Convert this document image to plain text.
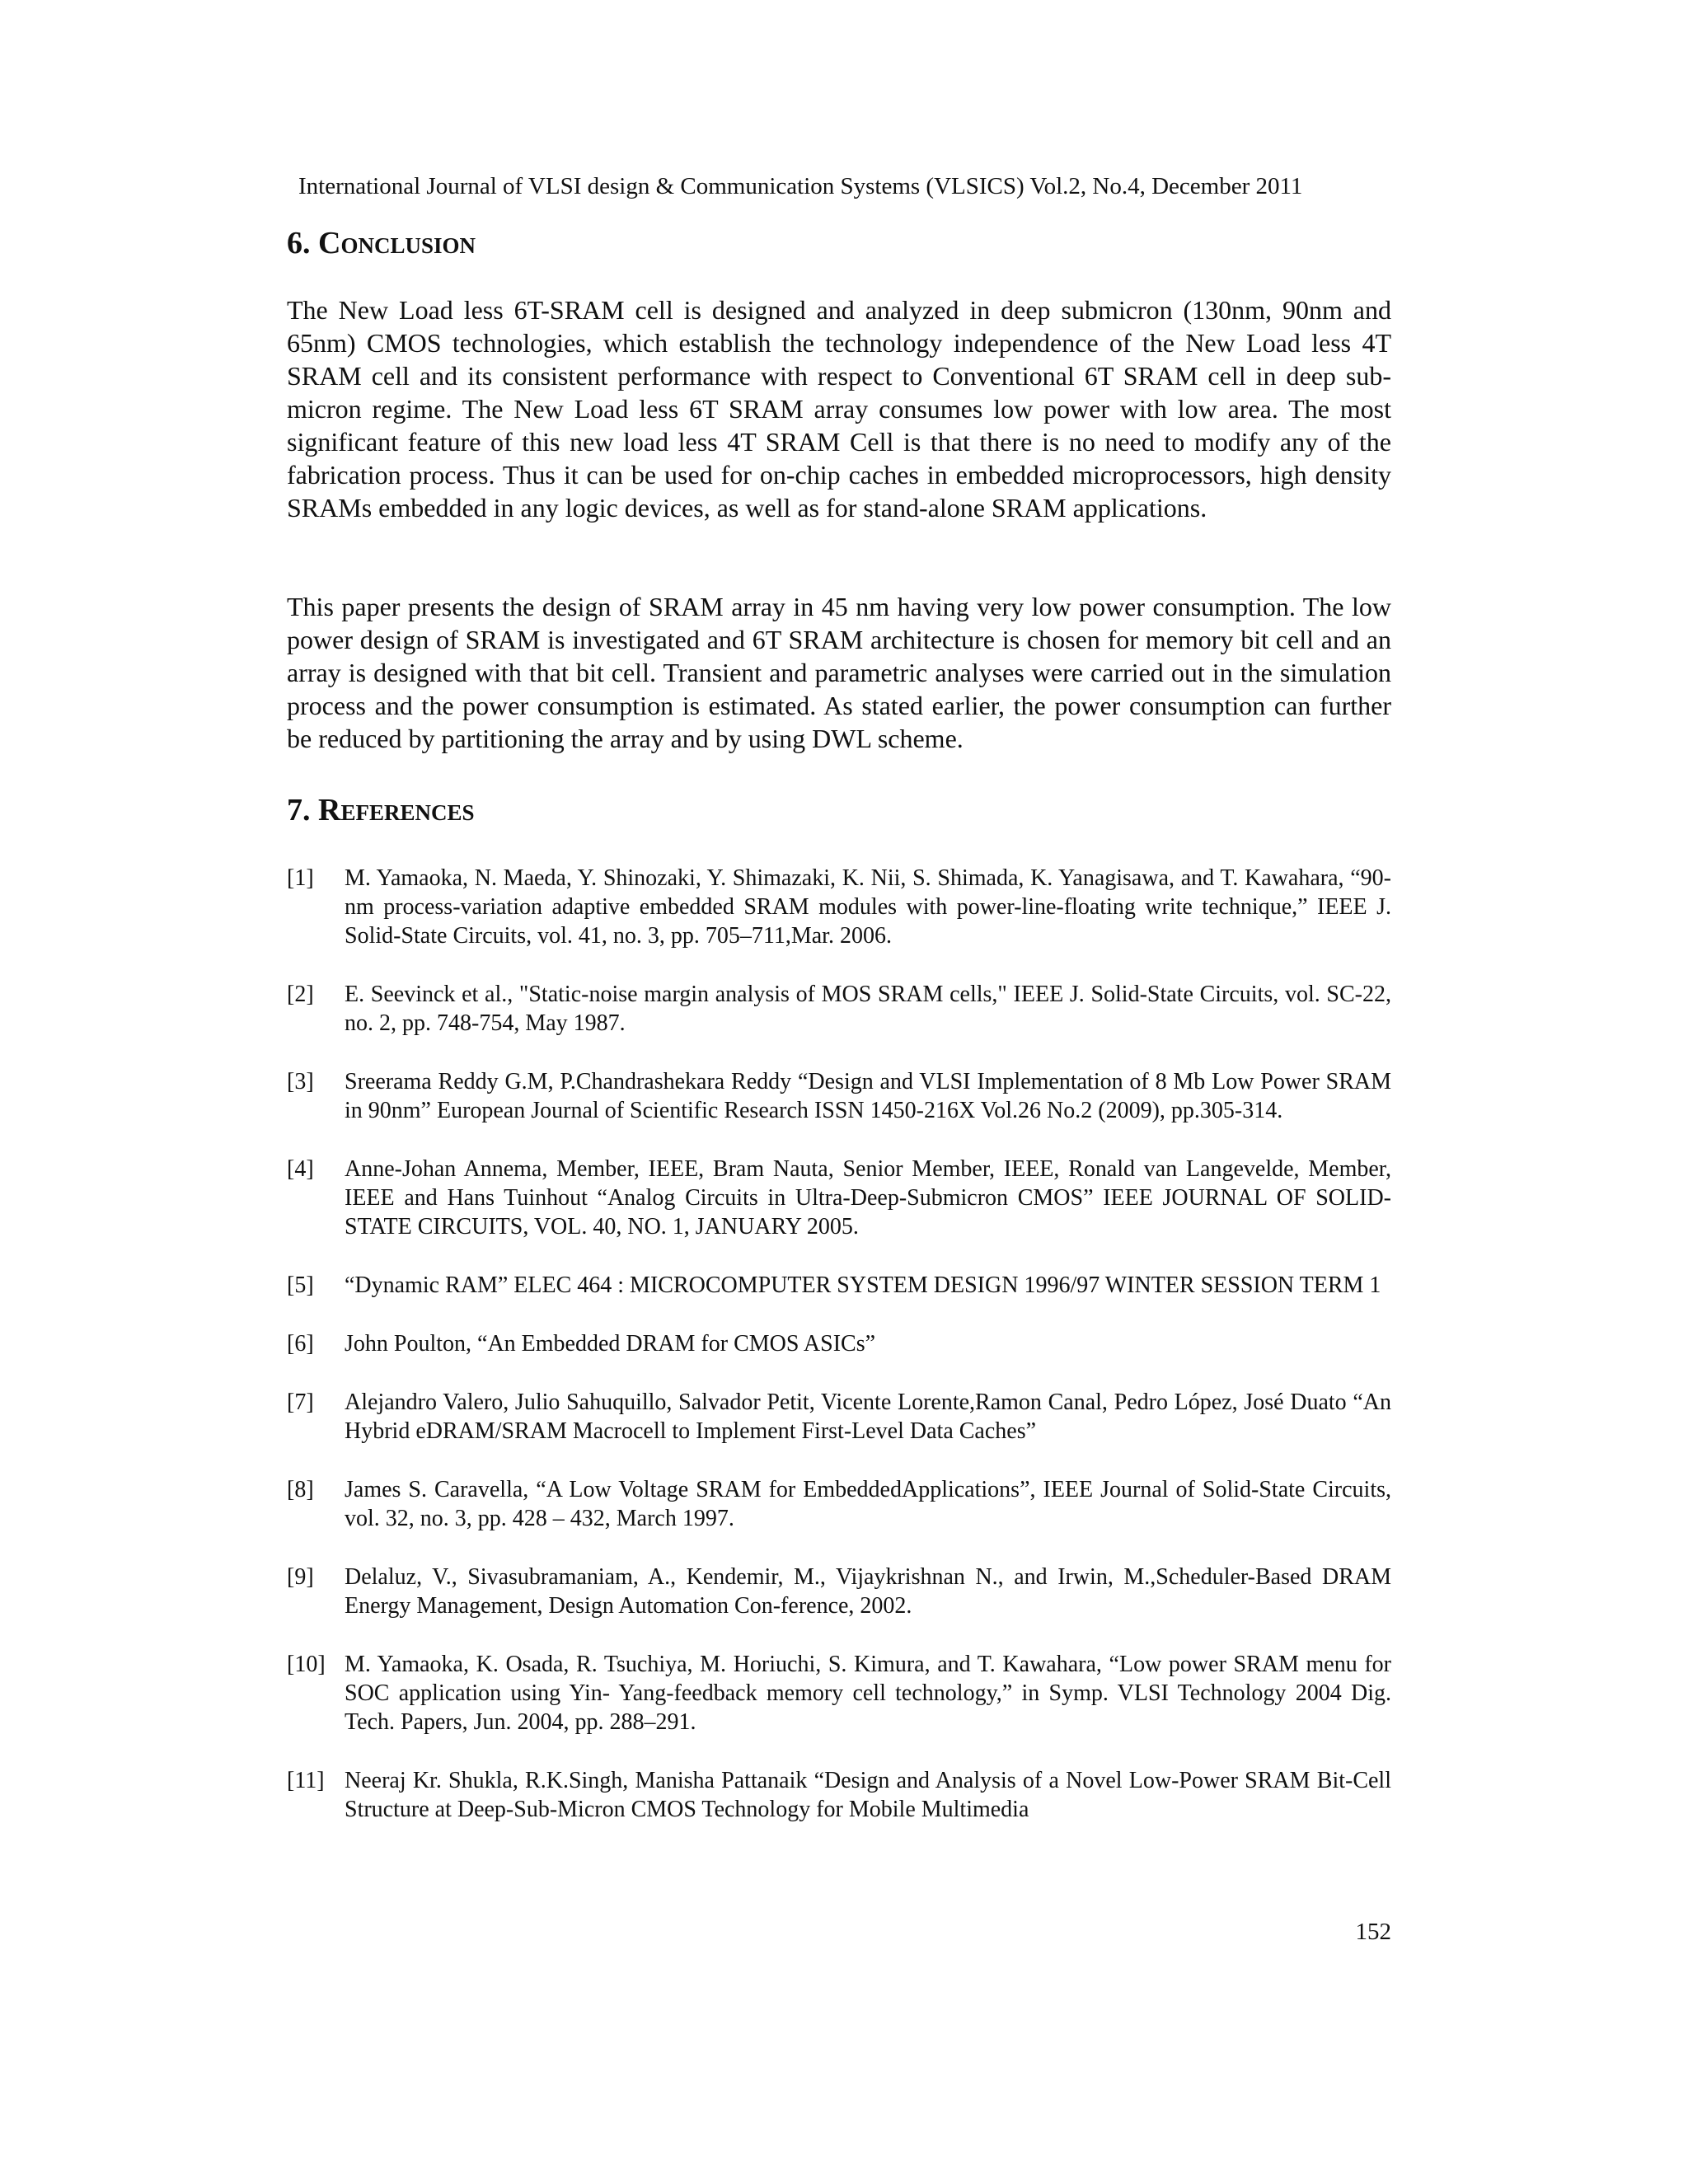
International Journal of VLSI design & Communication Systems (VLSICS) Vol.2, No.4, December 2011
6. Conclusion

The New Load less 6T-SRAM cell is designed and analyzed in deep submicron (130nm, 90nm and 65nm) CMOS technologies, which establish the technology independence of the New Load less 4T SRAM cell and its consistent performance with respect to Conventional 6T SRAM cell in deep sub-micron regime. The New Load less 6T SRAM array consumes low power with low area. The most significant feature of this new load less 4T SRAM Cell is that there is no need to modify any of the fabrication process. Thus it can be used for on-chip caches in embedded microprocessors, high density SRAMs embedded in any logic devices, as well as for stand-alone SRAM applications.

This paper presents the design of SRAM array in 45 nm having very low power consumption. The low power design of SRAM is investigated and 6T SRAM architecture is chosen for memory bit cell and an array is designed with that bit cell. Transient and parametric analyses were carried out in the simulation process and the power consumption is estimated. As stated earlier, the power consumption can further be reduced by partitioning the array and by using DWL scheme.

7. References
[1] M. Yamaoka, N. Maeda, Y. Shinozaki, Y. Shimazaki, K. Nii, S. Shimada, K. Yanagisawa, and T. Kawahara, “90-nm process-variation adaptive embedded SRAM modules with power-line-floating write technique,” IEEE J. Solid-State Circuits, vol. 41, no. 3, pp. 705–711,Mar. 2006.
[2] E. Seevinck et al., "Static-noise margin analysis of MOS SRAM cells," IEEE J. Solid-State Circuits, vol. SC-22, no. 2, pp. 748-754, May 1987.
[3] Sreerama Reddy G.M, P.Chandrashekara Reddy “Design and VLSI Implementation of 8 Mb Low Power SRAM in 90nm” European Journal of Scientific Research ISSN 1450-216X Vol.26 No.2 (2009), pp.305-314.
[4] Anne-Johan Annema, Member, IEEE, Bram Nauta, Senior Member, IEEE, Ronald van Langevelde, Member, IEEE and Hans Tuinhout “Analog Circuits in Ultra-Deep-Submicron CMOS” IEEE JOURNAL OF SOLID-STATE CIRCUITS, VOL. 40, NO. 1, JANUARY 2005.
[5] “Dynamic RAM” ELEC 464 : MICROCOMPUTER SYSTEM DESIGN 1996/97 WINTER SESSION TERM 1
[6] John Poulton, “An Embedded DRAM for CMOS ASICs”
[7] Alejandro Valero, Julio Sahuquillo, Salvador Petit, Vicente Lorente,Ramon Canal, Pedro López, José Duato “An Hybrid eDRAM/SRAM Macrocell to Implement First-Level Data Caches”
[8] James S. Caravella, “A Low Voltage SRAM for EmbeddedApplications”, IEEE Journal of Solid-State Circuits, vol. 32, no. 3, pp. 428 – 432, March 1997.
[9] Delaluz, V., Sivasubramaniam, A., Kendemir, M., Vijaykrishnan N., and Irwin, M.,Scheduler-Based DRAM Energy Management, Design Automation Con-ference, 2002.
[10] M. Yamaoka, K. Osada, R. Tsuchiya, M. Horiuchi, S. Kimura, and T. Kawahara, “Low power SRAM menu for SOC application using Yin- Yang-feedback memory cell technology,” in Symp. VLSI Technology 2004 Dig. Tech. Papers, Jun. 2004, pp. 288–291.
[11] Neeraj Kr. Shukla, R.K.Singh, Manisha Pattanaik “Design and Analysis of a Novel Low-Power SRAM Bit-Cell Structure at Deep-Sub-Micron CMOS Technology for Mobile Multimedia
152
